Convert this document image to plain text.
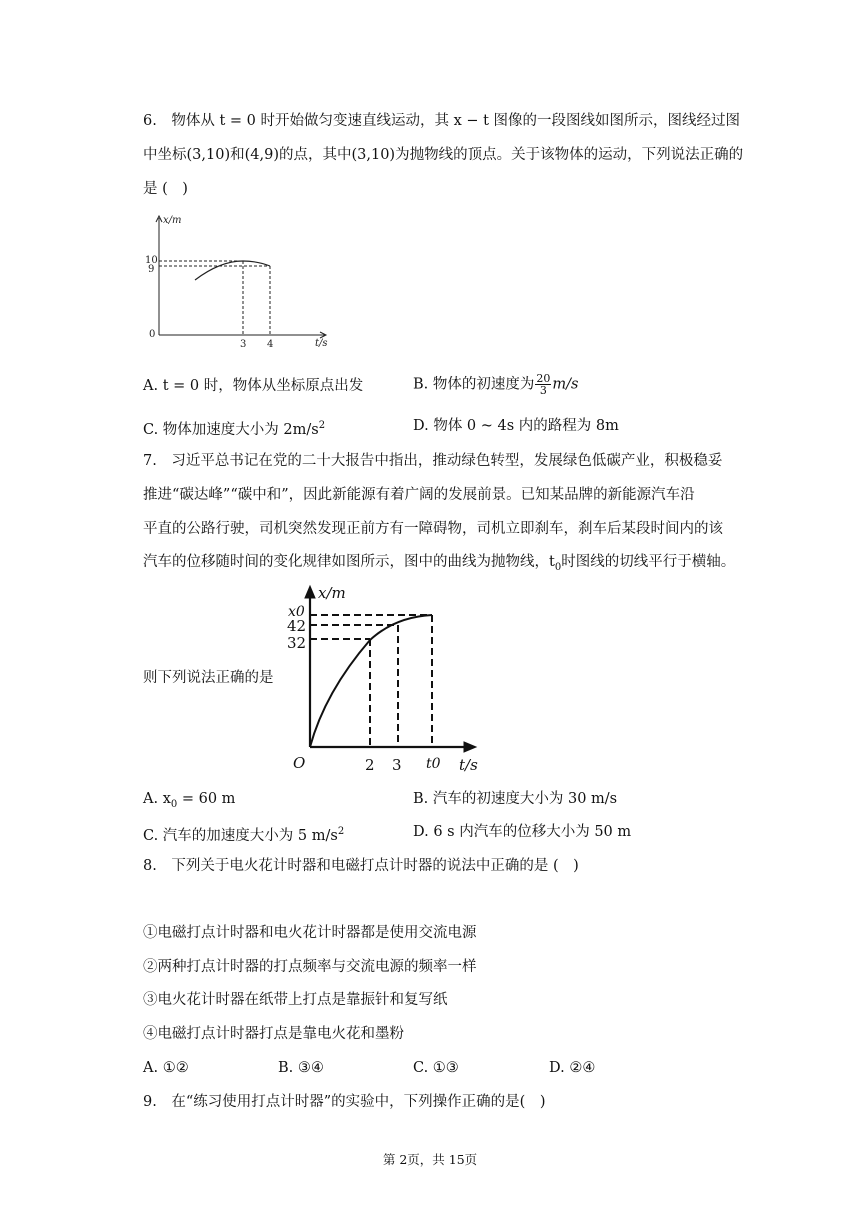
6.　物体从 t = 0 时开始做匀变速直线运动，其 x − t 图像的一段图线如图所示，图线经过图
中坐标(3,10)和(4,9)的点，其中(3,10)为抛物线的顶点。关于该物体的运动，下列说法正确的
是 (　)
x/m
10
9
0
3 4	t/s
A. t = 0 时，物体从坐标原点出发	B. 物体的初速度为 $\frac{20}{3} m/s$
C. 物体加速度大小为 $2m/s^2$	D. 物体 0 ~ 4s 内的路程为 8m
7.　习近平总书记在党的二十大报告中指出，推动绿色转型，发展绿色低碳产业，积极稳妥
推进“碳达峰”“碳中和”，因此新能源有着广阔的发展前景。已知某品牌的新能源汽车沿
平直的公路行驶，司机突然发现正前方有一障碍物，司机立即刹车，刹车后某段时间内的该
汽车的位移随时间的变化规律如图所示，图中的曲线为抛物线，$t_0$时图线的切线平行于横轴。
则下列说法正确的是
x/m
x0
42
32
O	2 3 t0 t/s
A. $x_0 = 60$ m	B. 汽车的初速度大小为 30 m/s
C. 汽车的加速度大小为 5 $m/s^2$	D. 6 s 内汽车的位移大小为 50 m
8.　下列关于电火花计时器和电磁打点计时器的说法中正确的是 (　)
①电磁打点计时器和电火花计时器都是使用交流电源
②两种打点计时器的打点频率与交流电源的频率一样
③电火花计时器在纸带上打点是靠振针和复写纸
④电磁打点计时器打点是靠电火花和墨粉
A. ①②	B. ③④	C. ①③	D. ②④
9.　在“练习使用打点计时器”的实验中，下列操作正确的是(　)
第 2页，共 15页
